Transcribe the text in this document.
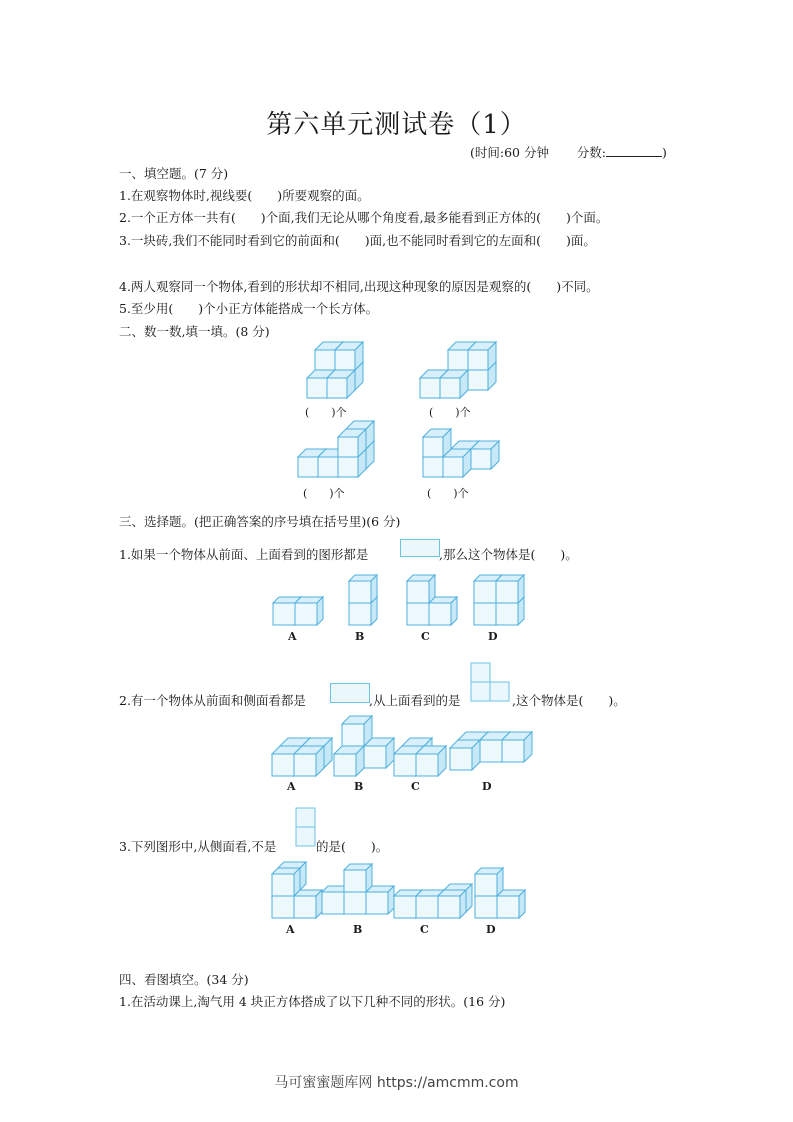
第六单元测试卷（1）
(时间:60 分钟 分数:	)
一、填空题。(7 分)
1.在观察物体时,视线要(　　)所要观察的面。
2.一个正方体一共有(　　)个面,我们无论从哪个角度看,最多能看到正方体的(　　)个面。
3.一块砖,我们不能同时看到它的前面和(　　)面,也不能同时看到它的左面和(　　)面。
4.两人观察同一个物体,看到的形状却不相同,出现这种现象的原因是观察的(　　)不同。
5.至少用(　　)个小正方体能搭成一个长方体。
二、数一数,填一填。(8 分)
(　　)个	(　　)个
(　　)个	(　　)个
三、选择题。(把正确答案的序号填在括号里)(6 分)
1.如果一个物体从前面、上面看到的图形都是	,那么这个物体是(　　)。
A	B	C	D
2.有一个物体从前面和侧面看都是	,从上面看到的是	,这个物体是(　　)。
A	B	C	D
3.下列图形中,从侧面看,不是	的是(　　)。
A	B	C	D
四、看图填空。(34 分)
1.在活动课上,淘气用 4 块正方体搭成了以下几种不同的形状。(16 分)
马可蜜蜜题库网 https://amcmm.com
